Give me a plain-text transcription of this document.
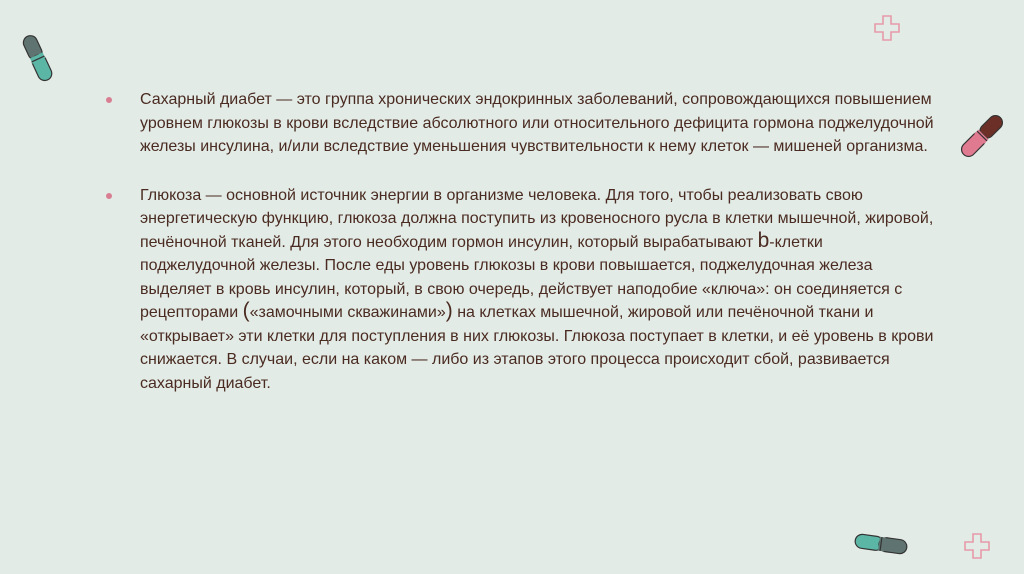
Сахарный диабет — это группа хронических эндокринных заболеваний, сопровождающихся повышением уровнем глюкозы в крови вследствие абсолютного или относительного дефицита гормона поджелудочной железы инсулина, и/или вследствие уменьшения чувствительности к нему клеток — мишеней организма.

Глюкоза — основной источник энергии в организме человека. Для того, чтобы реализовать свою энергетическую функцию, глюкоза должна поступить из кровеносного русла в клетки мышечной, жировой, печёночной тканей. Для этого необходим гормон инсулин, который вырабатывают b-клетки поджелудочной железы. После еды уровень глюкозы в крови повышается, поджелудочная железа выделяет в кровь инсулин, который, в свою очередь, действует наподобие «ключа»: он соединяется с рецепторами («замочными скважинами») на клетках мышечной, жировой или печёночной ткани и «открывает» эти клетки для поступления в них глюкозы. Глюкоза поступает в клетки, и её уровень в крови снижается. В случаи, если на каком — либо из этапов этого процесса происходит сбой, развивается сахарный диабет.
